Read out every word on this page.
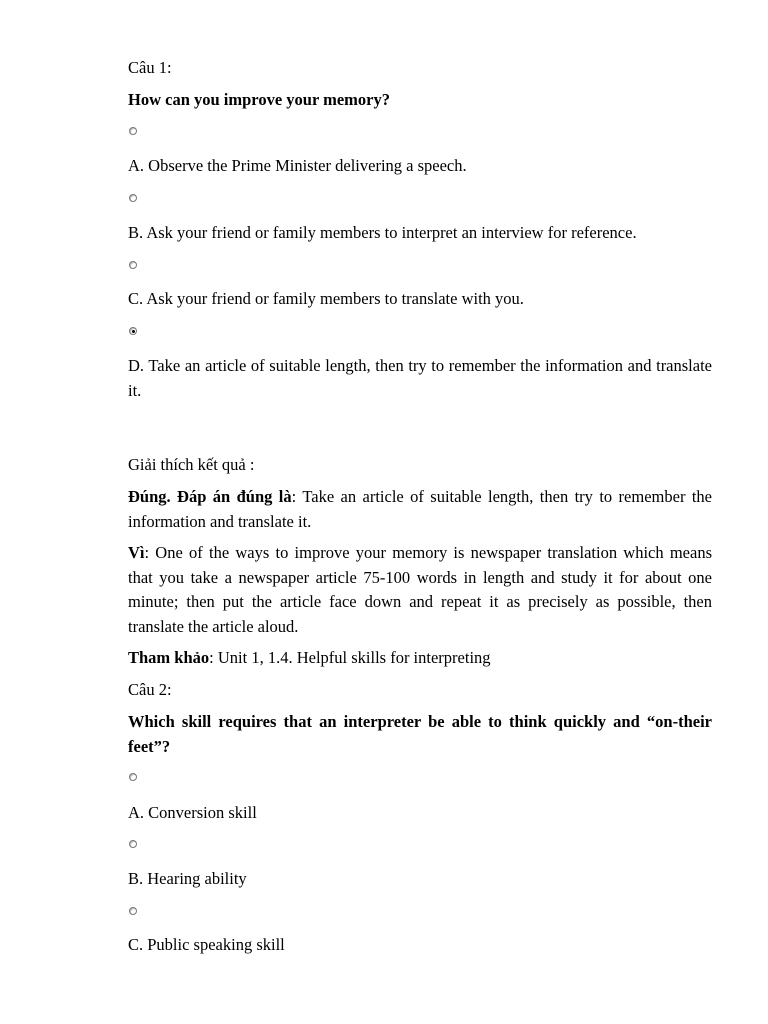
Câu 1:
How can you improve your memory?
A. Observe the Prime Minister delivering a speech.
B. Ask your friend or family members to interpret an interview for reference.
C. Ask your friend or family members to translate with you.
D. Take an article of suitable length, then try to remember the information and translate it.
Giải thích kết quả :
Đúng. Đáp án đúng là: Take an article of suitable length, then try to remember the information and translate it.
Vì: One of the ways to improve your memory is newspaper translation which means that you take a newspaper article 75-100 words in length and study it for about one minute; then put the article face down and repeat it as precisely as possible, then translate the article aloud.
Tham khảo: Unit 1, 1.4. Helpful skills for interpreting
Câu 2:
Which skill requires that an interpreter be able to think quickly and “on-their feet”?
A. Conversion skill
B. Hearing ability
C. Public speaking skill
